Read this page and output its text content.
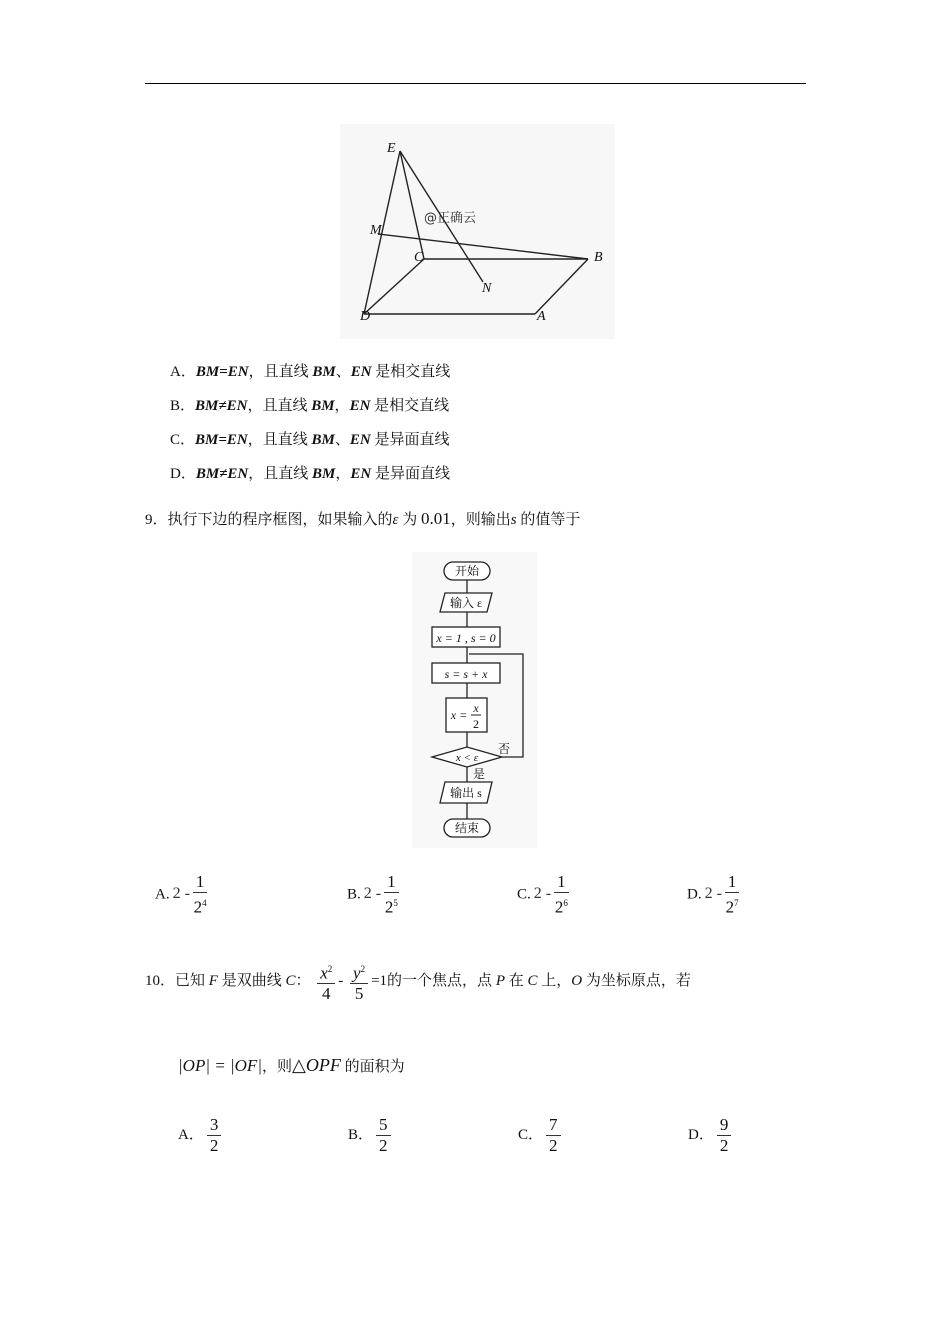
E
M
C	B
N
D	A
@正确云
9．执行下边的程序框图，如果输入的ε 为 0.01，则输出s 的值等于
开始
输入 ε
x = 1 , s = 0
s = s + x
x = x
2
x < ε
否
是
输出 s
结束
10．已知 F 是双曲线 C： $\frac{x^2}{4} - \frac{y^2}{5} =1$的一个焦点，点 P 在 C 上，O 为坐标原点，若
|OP| = |OF|，则△OPF 的面积为
A．BM=EN，且直线 BM、EN 是相交直线
B．BM≠EN，且直线 BM，EN 是相交直线
C．BM=EN，且直线 BM、EN 是异面直线
D．BM≠EN，且直线 BM，EN 是异面直线
A. $2 - \frac{1}{2^4}$	B. $2 - \frac{1}{2^5}$	C. $2 - \frac{1}{2^6}$	D. $2 - \frac{1}{2^7}$
A． $\frac{3}{2}$	B． $\frac{5}{2}$	C． $\frac{7}{2}$	D． $\frac{9}{2}$
